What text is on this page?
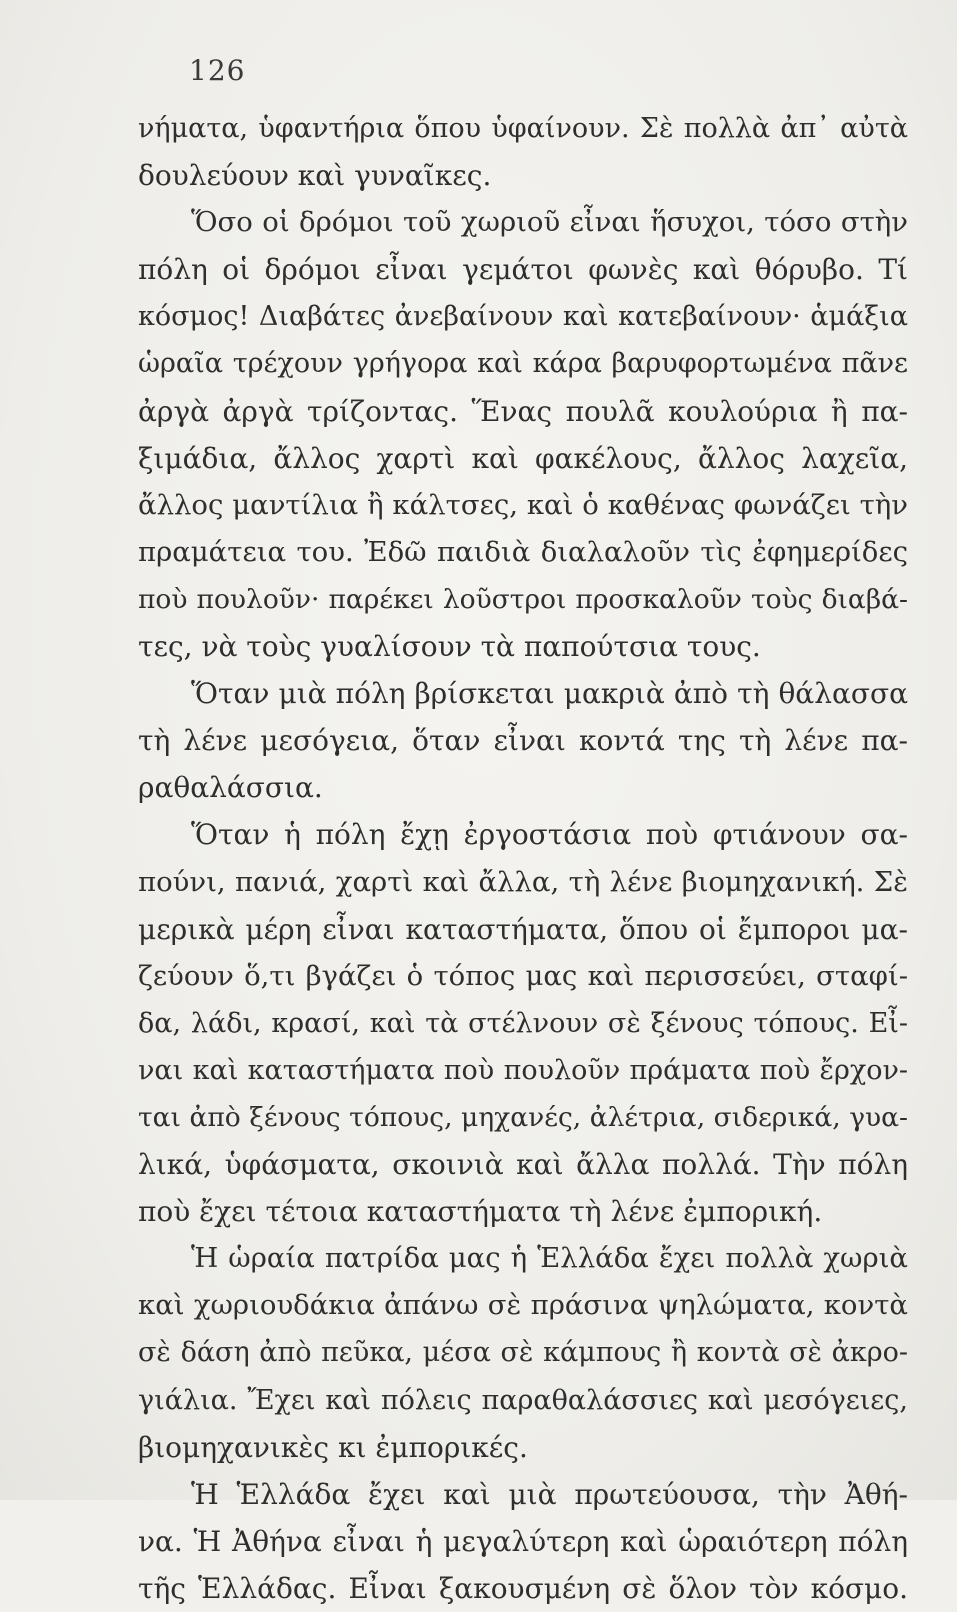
126
νήματα, ὑφαντήρια ὅπου ὑφαίνουν. Σὲ πολλὰ ἀπ᾿ αὐτὰ
δουλεύουν καὶ γυναῖκες.
Ὅσο οἱ δρόμοι τοῦ χωριοῦ εἶναι ἥσυχοι, τόσο στὴν
πόλη οἱ δρόμοι εἶναι γεμάτοι φωνὲς καὶ θόρυβο. Τί
κόσμος! Διαβάτες ἀνεβαίνουν καὶ κατεβαίνουν· ἁμάξια
ὡραῖα τρέχουν γρήγορα καὶ κάρα βαρυφορτωμένα πᾶνε
ἀργὰ ἀργὰ τρίζοντας. Ἕνας πουλᾶ κουλούρια ἢ πα-
ξιμάδια, ἄλλος χαρτὶ καὶ φακέλους, ἄλλος λαχεῖα,
ἄλλος μαντίλια ἢ κάλτσες, καὶ ὁ καθένας φωνάζει τὴν
πραμάτεια του. Ἐδῶ παιδιὰ διαλαλοῦν τὶς ἐφημερίδες
ποὺ πουλοῦν· παρέκει λοῦστροι προσκαλοῦν τοὺς διαβά-
τες, νὰ τοὺς γυαλίσουν τὰ παπούτσια τους.
Ὅταν μιὰ πόλη βρίσκεται μακριὰ ἀπὸ τὴ θάλασσα
τὴ λένε μεσόγεια, ὅταν εἶναι κοντά της τὴ λένε πα-
ραθαλάσσια.
Ὅταν ἡ πόλη ἔχῃ ἐργοστάσια ποὺ φτιάνουν σα-
πούνι, πανιά, χαρτὶ καὶ ἄλλα, τὴ λένε βιομηχανική. Σὲ
μερικὰ μέρη εἶναι καταστήματα, ὅπου οἱ ἔμποροι μα-
ζεύουν ὅ,τι βγάζει ὁ τόπος μας καὶ περισσεύει, σταφί-
δα, λάδι, κρασί, καὶ τὰ στέλνουν σὲ ξένους τόπους. Εἶ-
ναι καὶ καταστήματα ποὺ πουλοῦν πράματα ποὺ ἔρχον-
ται ἀπὸ ξένους τόπους, μηχανές, ἀλέτρια, σιδερικά, γυα-
λικά, ὑφάσματα, σκοινιὰ καὶ ἄλλα πολλά. Τὴν πόλη
ποὺ ἔχει τέτοια καταστήματα τὴ λένε ἐμπορική.
Ἡ ὡραία πατρίδα μας ἡ Ἑλλάδα ἔχει πολλὰ χωριὰ
καὶ χωριουδάκια ἀπάνω σὲ πράσινα ψηλώματα, κοντὰ
σὲ δάση ἀπὸ πεῦκα, μέσα σὲ κάμπους ἢ κοντὰ σὲ ἀκρο-
γιάλια. Ἔχει καὶ πόλεις παραθαλάσσιες καὶ μεσόγειες,
βιομηχανικὲς κι ἐμπορικές.
Ἡ Ἑλλάδα ἔχει καὶ μιὰ πρωτεύουσα, τὴν Ἀθή-
να. Ἡ Ἀθήνα εἶναι ἡ μεγαλύτερη καὶ ὡραιότερη πόλη
τῆς Ἑλλάδας. Εἶναι ξακουσμένη σὲ ὅλον τὸν κόσμο.
